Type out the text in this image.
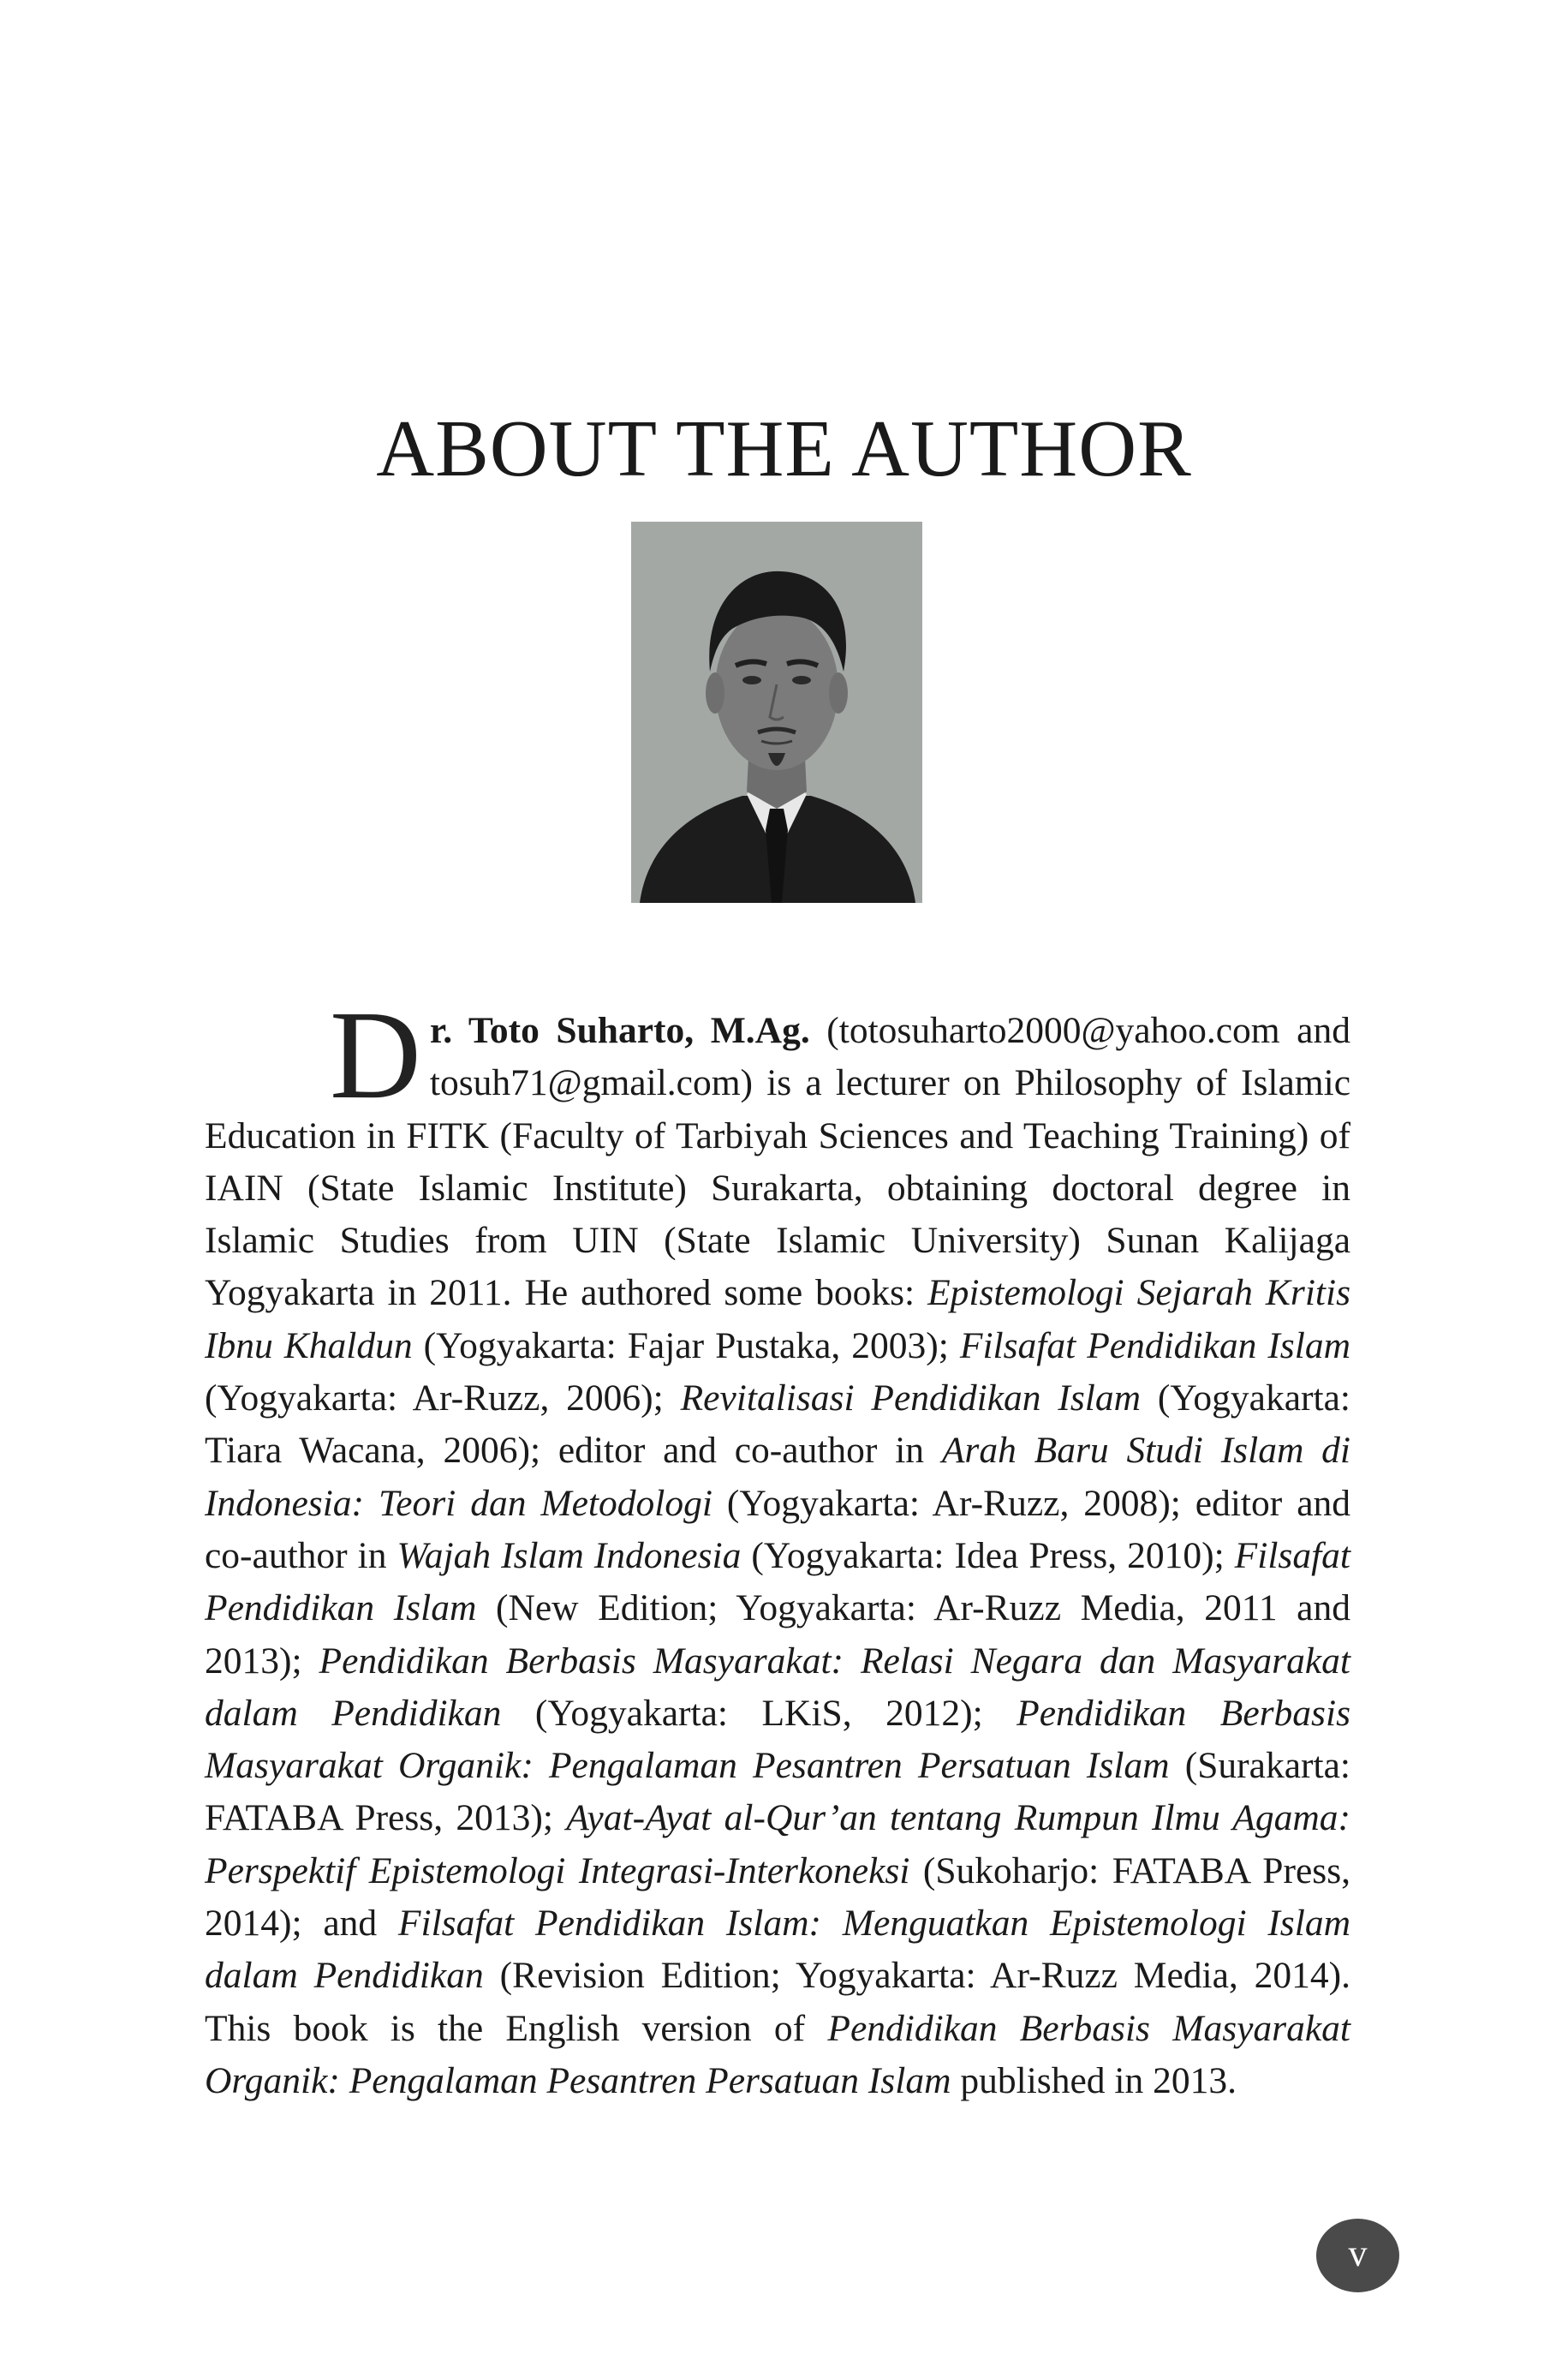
ABOUT THE AUTHOR

Dr. Toto Suharto, M.Ag. (totosuharto2000@yahoo.com and tosuh71@gmail.com) is a lecturer on Philosophy of Islamic Education in FITK (Faculty of Tarbiyah Sciences and Teaching Training) of IAIN (State Islamic Institute) Surakarta, obtaining doctoral degree in Islamic Studies from UIN (State Islamic University) Sunan Kalijaga Yogyakarta in 2011. He authored some books: Epistemologi Sejarah Kritis Ibnu Khaldun (Yogyakarta: Fajar Pustaka, 2003); Filsafat Pendidikan Islam (Yogyakarta: Ar-Ruzz, 2006); Revitalisasi Pendidikan Islam (Yogyakarta: Tiara Wacana, 2006); editor and co-author in Arah Baru Studi Islam di Indonesia: Teori dan Metodologi (Yogyakarta: Ar-Ruzz, 2008); editor and co-author in Wajah Islam Indonesia (Yogyakarta: Idea Press, 2010); Filsafat Pendidikan Islam (New Edition; Yogyakarta: Ar-Ruzz Media, 2011 and 2013); Pendidikan Berbasis Masyarakat: Relasi Negara dan Masyarakat dalam Pendidikan (Yogyakarta: LKiS, 2012); Pendidikan Berbasis Masyarakat Organik: Pengalaman Pesantren Persatuan Islam (Surakarta: FATABA Press, 2013); Ayat-Ayat al-Qur’an tentang Rumpun Ilmu Agama: Perspektif Epistemologi Integrasi-Interkoneksi (Sukoharjo: FATABA Press, 2014); and Filsafat Pendidikan Islam: Menguatkan Epistemologi Islam dalam Pendidikan (Revision Edition; Yogyakarta: Ar-Ruzz Media, 2014). This book is the English version of Pendidikan Berbasis Masyarakat Organik: Pengalaman Pesantren Persatuan Islam published in 2013.

v
